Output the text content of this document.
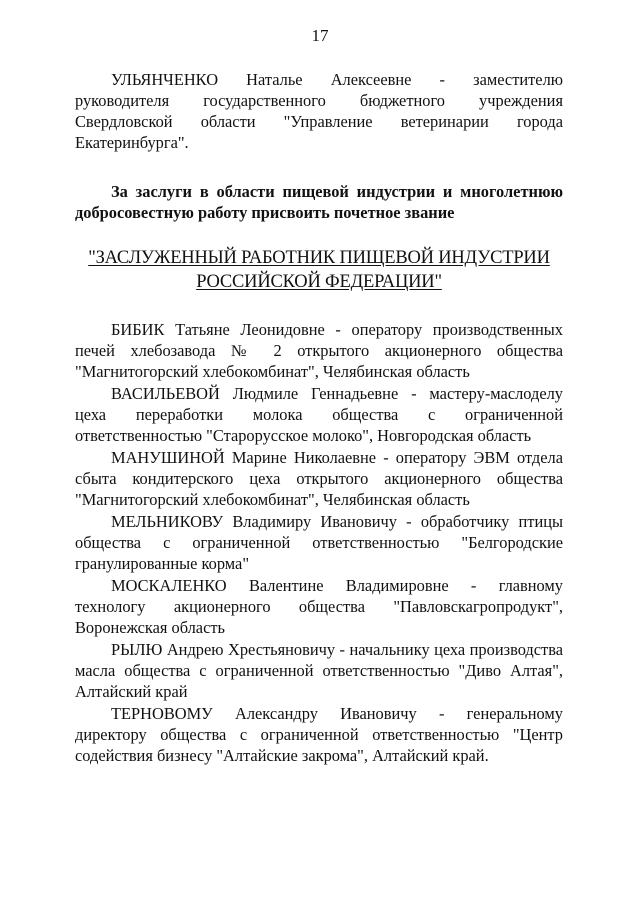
17

УЛЬЯНЧЕНКО Наталье Алексеевне - заместителю руководителя государственного бюджетного учреждения Свердловской области "Управление ветеринарии города Екатеринбурга".

За заслуги в области пищевой индустрии и многолетнюю добросовестную работу присвоить почетное звание

"ЗАСЛУЖЕННЫЙ РАБОТНИК ПИЩЕВОЙ ИНДУСТРИИ
РОССИЙСКОЙ ФЕДЕРАЦИИ"

БИБИК Татьяне Леонидовне - оператору производственных печей хлебозавода № 2 открытого акционерного общества "Магнитогорский хлебокомбинат", Челябинская область

ВАСИЛЬЕВОЙ Людмиле Геннадьевне - мастеру-маслоделу цеха переработки молока общества с ограниченной ответственностью "Старорусское молоко", Новгородская область

МАНУШИНОЙ Марине Николаевне - оператору ЭВМ отдела сбыта кондитерского цеха открытого акционерного общества "Магнитогорский хлебокомбинат", Челябинская область

МЕЛЬНИКОВУ Владимиру Ивановичу - обработчику птицы общества с ограниченной ответственностью "Белгородские гранулированные корма"

МОСКАЛЕНКО Валентине Владимировне - главному технологу акционерного общества "Павловскагропродукт", Воронежская область

РЫЛЮ Андрею Хрестьяновичу - начальнику цеха производства масла общества с ограниченной ответственностью "Диво Алтая", Алтайский край

ТЕРНОВОМУ Александру Ивановичу - генеральному директору общества с ограниченной ответственностью "Центр содействия бизнесу "Алтайские закрома", Алтайский край.
